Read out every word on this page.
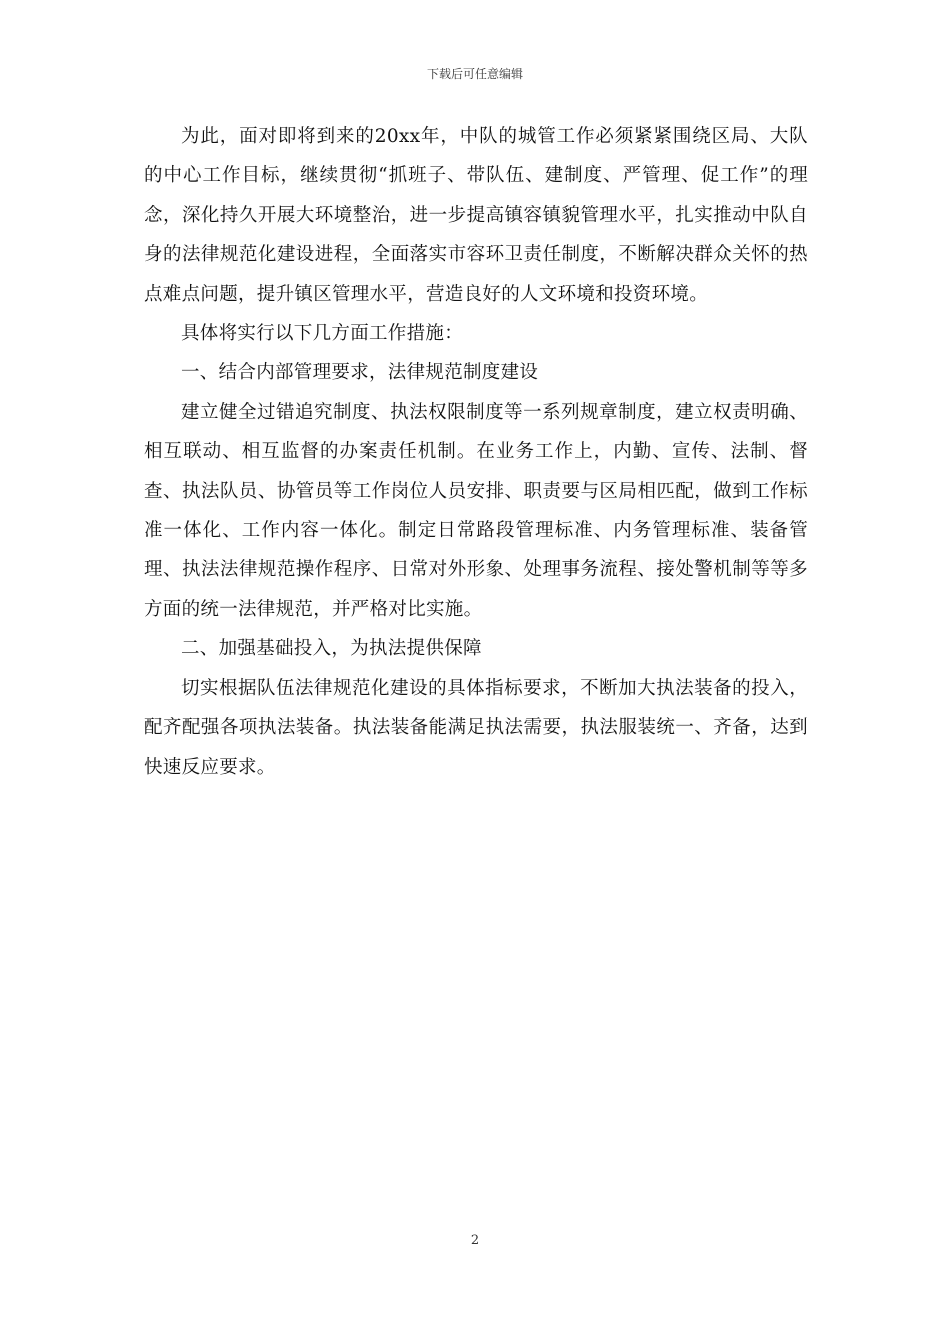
下载后可任意编辑

为此，面对即将到来的20xx年，中队的城管工作必须紧紧围绕区局、大队的中心工作目标，继续贯彻“抓班子、带队伍、建制度、严管理、促工作”的理念，深化持久开展大环境整治，进一步提高镇容镇貌管理水平，扎实推动中队自身的法律规范化建设进程，全面落实市容环卫责任制度，不断解决群众关怀的热点难点问题，提升镇区管理水平，营造良好的人文环境和投资环境。

具体将实行以下几方面工作措施：

一、结合内部管理要求，法律规范制度建设

建立健全过错追究制度、执法权限制度等一系列规章制度，建立权责明确、相互联动、相互监督的办案责任机制。在业务工作上，内勤、宣传、法制、督查、执法队员、协管员等工作岗位人员安排、职责要与区局相匹配，做到工作标准一体化、工作内容一体化。制定日常路段管理标准、内务管理标准、装备管理、执法法律规范操作程序、日常对外形象、处理事务流程、接处警机制等等多方面的统一法律规范，并严格对比实施。

二、加强基础投入，为执法提供保障

切实根据队伍法律规范化建设的具体指标要求，不断加大执法装备的投入，配齐配强各项执法装备。执法装备能满足执法需要，执法服装统一、齐备，达到快速反应要求。

2
